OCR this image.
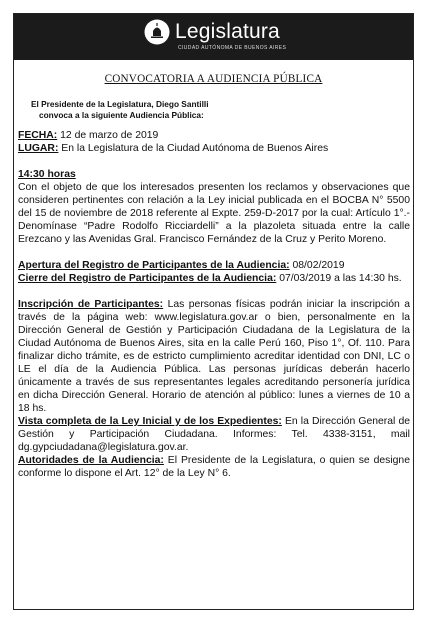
Legislatura
CIUDAD AUTÓNOMA DE BUENOS AIRES
CONVOCATORIA A AUDIENCIA PÚBLICA
El Presidente de la Legislatura, Diego Santilli
convoca a la siguiente Audiencia Pública:

FECHA: 12 de marzo de 2019

LUGAR: En la Legislatura de la Ciudad Autónoma de Buenos Aires

14:30 horas

Con el objeto de que los interesados presenten los reclamos y observaciones que consideren pertinentes con relación a la Ley inicial publicada en el BOCBA N° 5500 del 15 de noviembre de 2018 referente al Expte. 259-D-2017 por la cual: Artículo 1°.- Denomínase “Padre Rodolfo Ricciardelli” a la plazoleta situada entre la calle Erezcano y las Avenidas Gral. Francisco Fernández de la Cruz y Perito Moreno.

Apertura del Registro de Participantes de la Audiencia: 08/02/2019

Cierre del Registro de Participantes de la Audiencia: 07/03/2019 a las 14:30 hs.

Inscripción de Participantes: Las personas físicas podrán iniciar la inscripción a través de la página web: www.legislatura.gov.ar o bien, personalmente en la Dirección General de Gestión y Participación Ciudadana de la Legislatura de la Ciudad Autónoma de Buenos Aires, sita en la calle Perú 160, Piso 1°, Of. 110. Para finalizar dicho trámite, es de estricto cumplimiento acreditar identidad con DNI, LC o LE el día de la Audiencia Pública. Las personas jurídicas deberán hacerlo únicamente a través de sus representantes legales acreditando personería jurídica en dicha Dirección General. Horario de atención al público: lunes a viernes de 10 a 18 hs.

Vista completa de la Ley Inicial y de los Expedientes: En la Dirección General de Gestión y Participación Ciudadana. Informes: Tel. 4338-3151, mail dg.gypciudadana@legislatura.gov.ar.

Autoridades de la Audiencia: El Presidente de la Legislatura, o quien se designe conforme lo dispone el Art. 12° de la Ley N° 6.
